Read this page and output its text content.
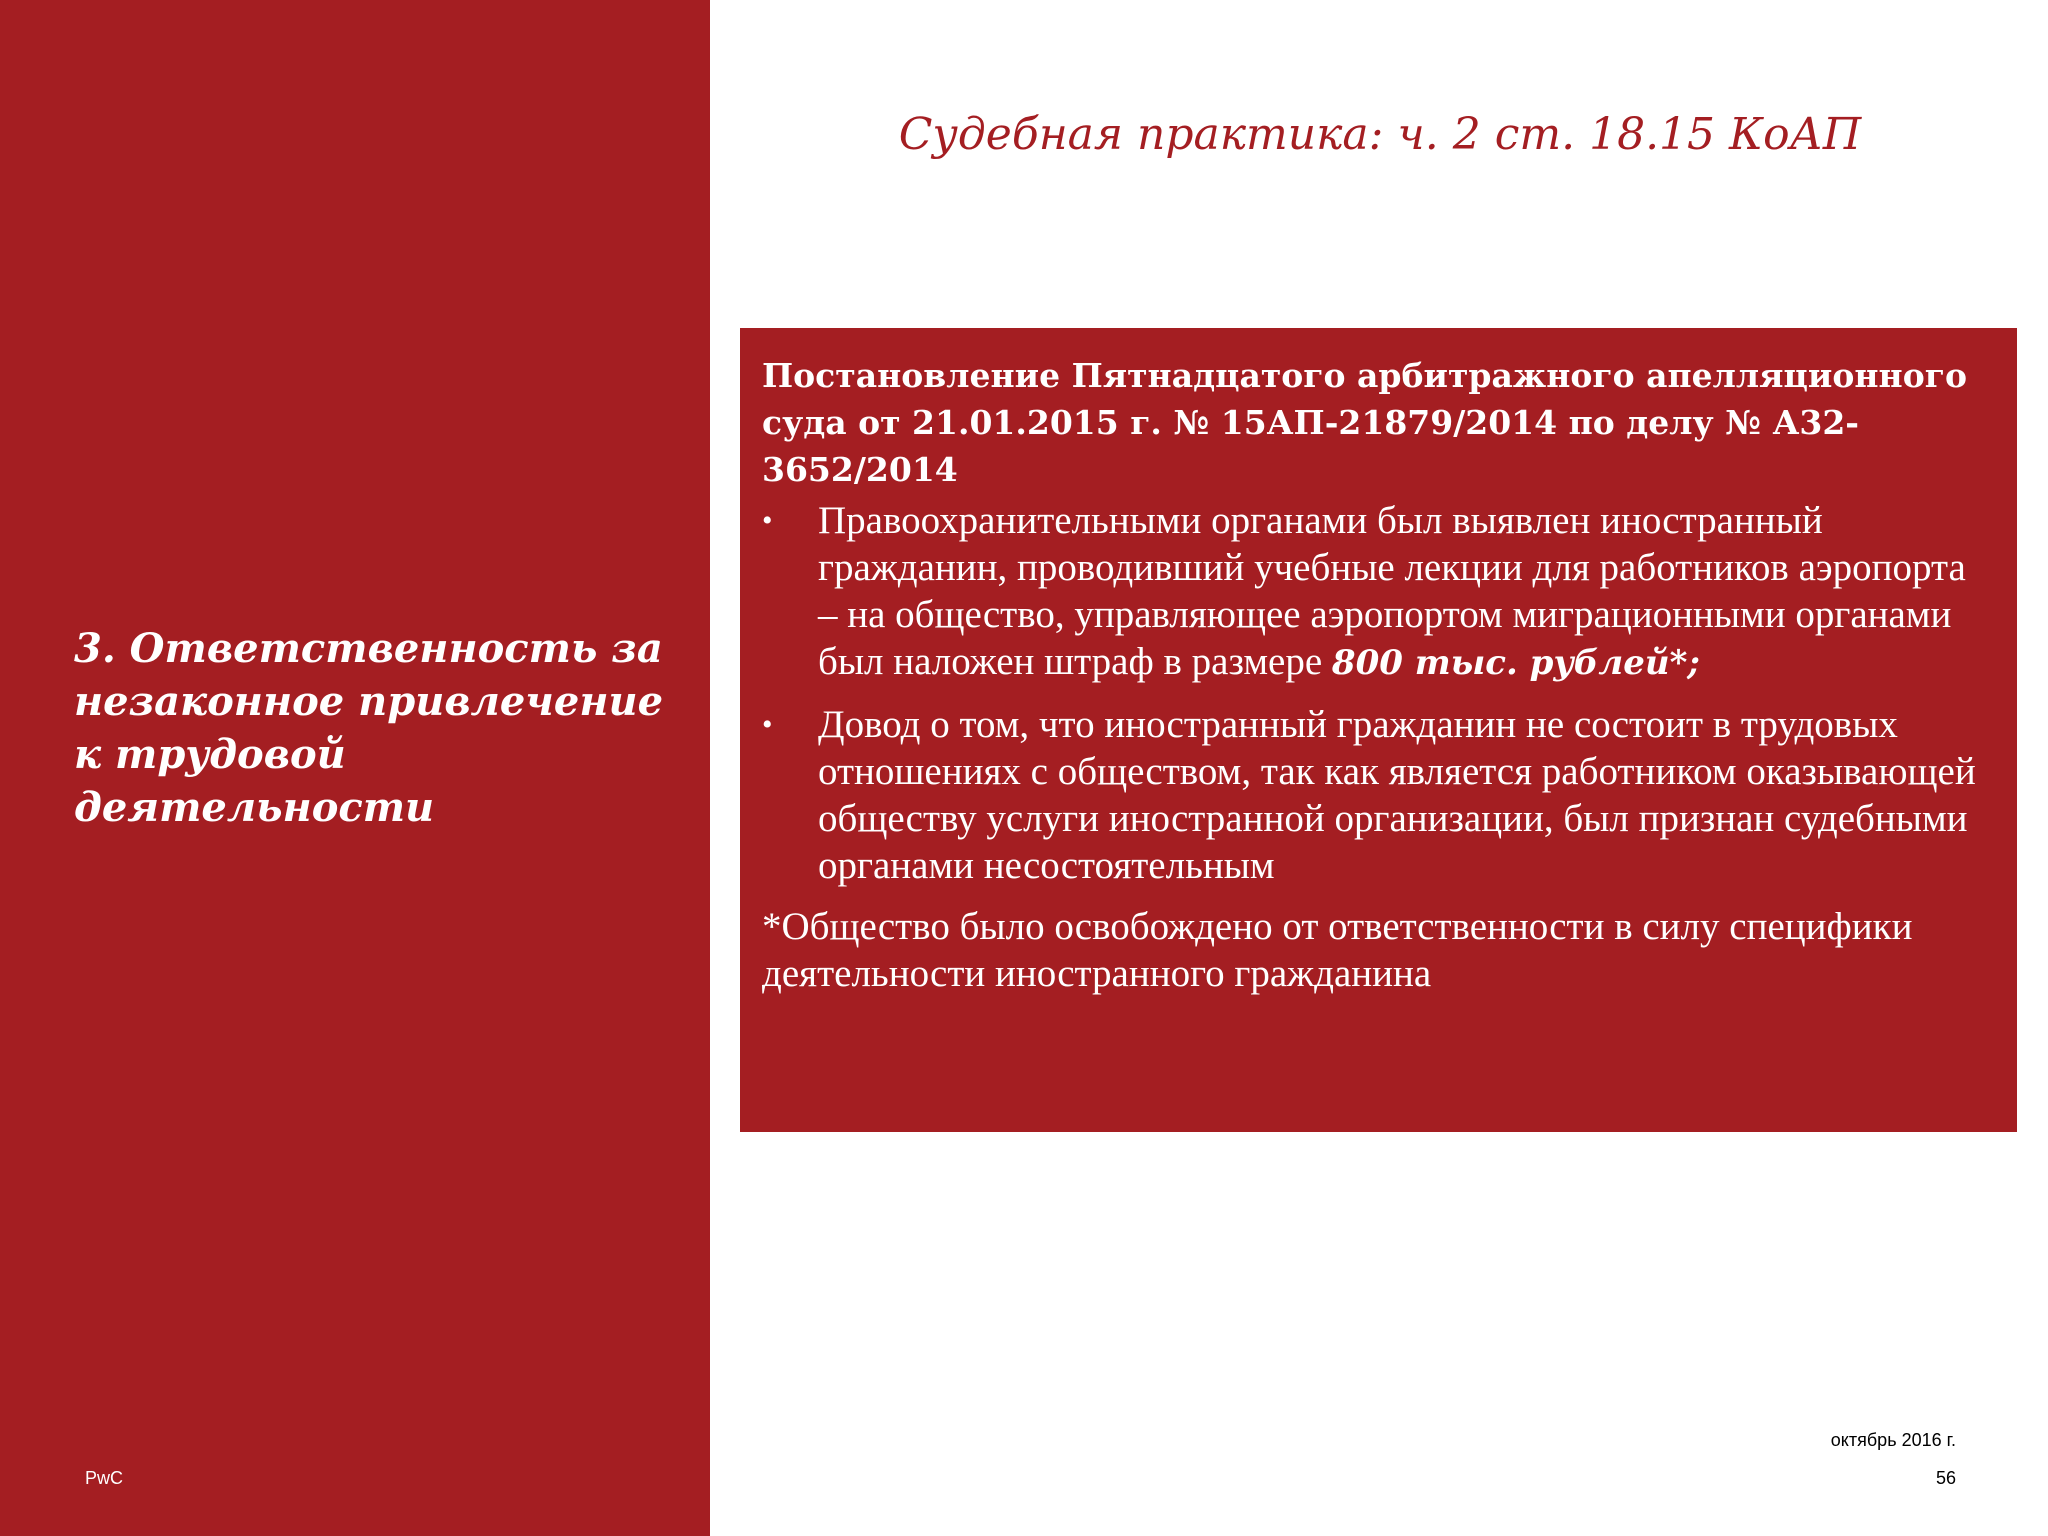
3. Ответственность за незаконное привлечение к трудовой деятельности
PwC
Судебная практика: ч. 2 ст. 18.15 КоАП
Постановление Пятнадцатого арбитражного апелляционного суда от 21.01.2015 г. № 15АП-21879/2014 по делу № А32-3652/2014
•	Правоохранительными органами был выявлен иностранный гражданин, проводивший учебные лекции для работников аэропорта – на общество, управляющее аэропортом миграционными органами был наложен штраф в размере 800 тыс. рублей*;
•	Довод о том, что иностранный гражданин не состоит в трудовых отношениях с обществом, так как является работником оказывающей обществу услуги иностранной организации, был признан судебными органами несостоятельным

*Общество было освобождено от ответственности в силу специфики деятельности иностранного гражданина

октябрь 2016 г.
56
